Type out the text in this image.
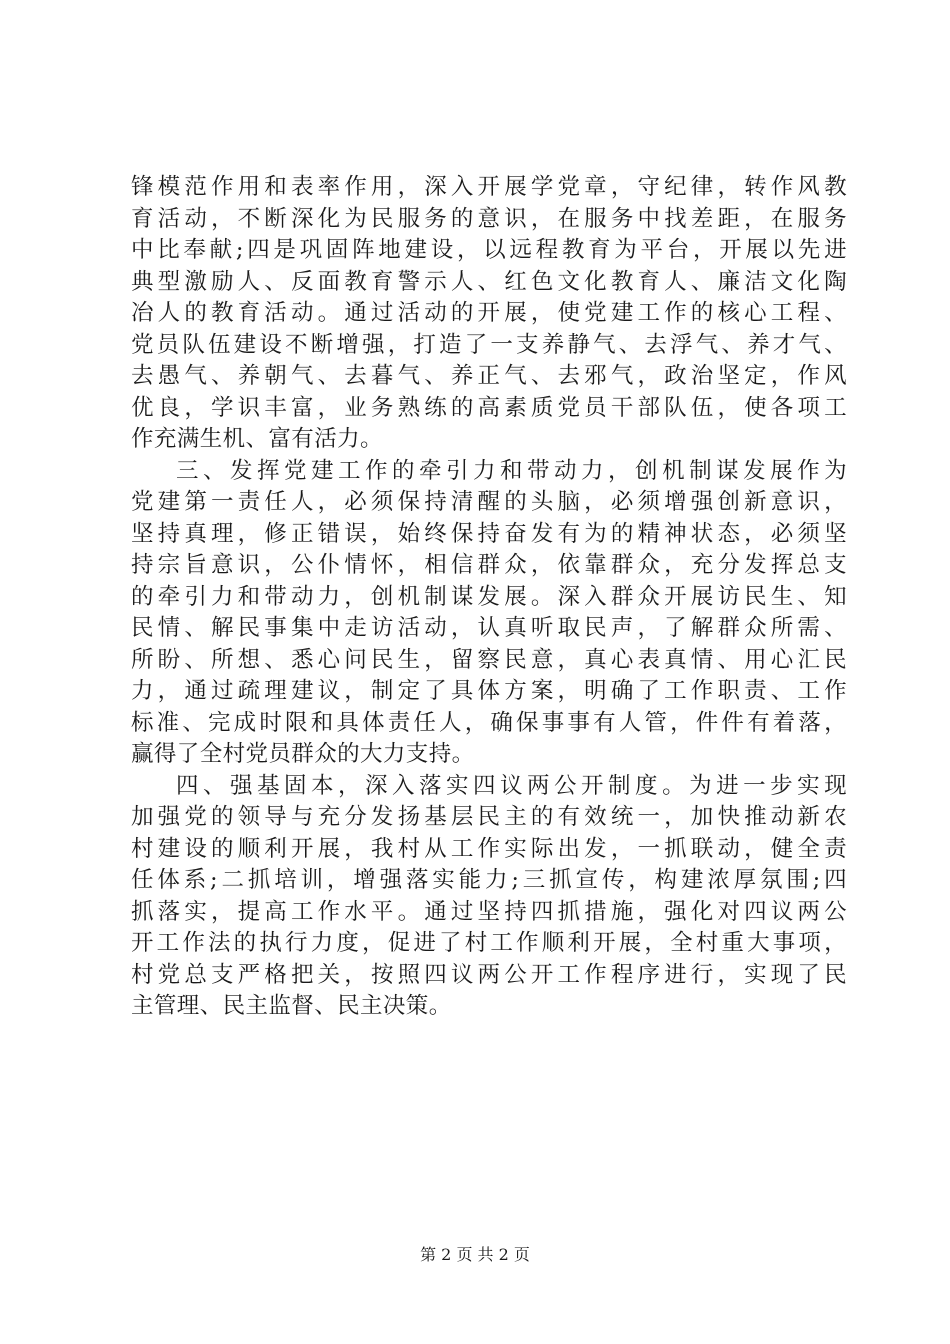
锋模范作用和表率作用，深入开展学党章，守纪律，转作风教
育活动，不断深化为民服务的意识，在服务中找差距，在服务
中比奉献;四是巩固阵地建设，以远程教育为平台，开展以先进
典型激励人、反面教育警示人、红色文化教育人、廉洁文化陶
冶人的教育活动。通过活动的开展，使党建工作的核心工程、
党员队伍建设不断增强，打造了一支养静气、去浮气、养才气、
去愚气、养朝气、去暮气、养正气、去邪气，政治坚定，作风
优良，学识丰富，业务熟练的高素质党员干部队伍，使各项工
作充满生机、富有活力。
三、发挥党建工作的牵引力和带动力，创机制谋发展作为
党建第一责任人，必须保持清醒的头脑，必须增强创新意识，
坚持真理，修正错误，始终保持奋发有为的精神状态，必须坚
持宗旨意识，公仆情怀，相信群众，依靠群众，充分发挥总支
的牵引力和带动力，创机制谋发展。深入群众开展访民生、知
民情、解民事集中走访活动，认真听取民声，了解群众所需、
所盼、所想、悉心问民生，留察民意，真心表真情、用心汇民
力，通过疏理建议，制定了具体方案，明确了工作职责、工作
标准、完成时限和具体责任人，确保事事有人管，件件有着落，
赢得了全村党员群众的大力支持。
四、强基固本，深入落实四议两公开制度。为进一步实现
加强党的领导与充分发扬基层民主的有效统一，加快推动新农
村建设的顺利开展，我村从工作实际出发，一抓联动，健全责
任体系;二抓培训，增强落实能力;三抓宣传，构建浓厚氛围;四
抓落实，提高工作水平。通过坚持四抓措施，强化对四议两公
开工作法的执行力度，促进了村工作顺利开展，全村重大事项，
村党总支严格把关，按照四议两公开工作程序进行，实现了民
主管理、民主监督、民主决策。
第 2 页 共 2 页
